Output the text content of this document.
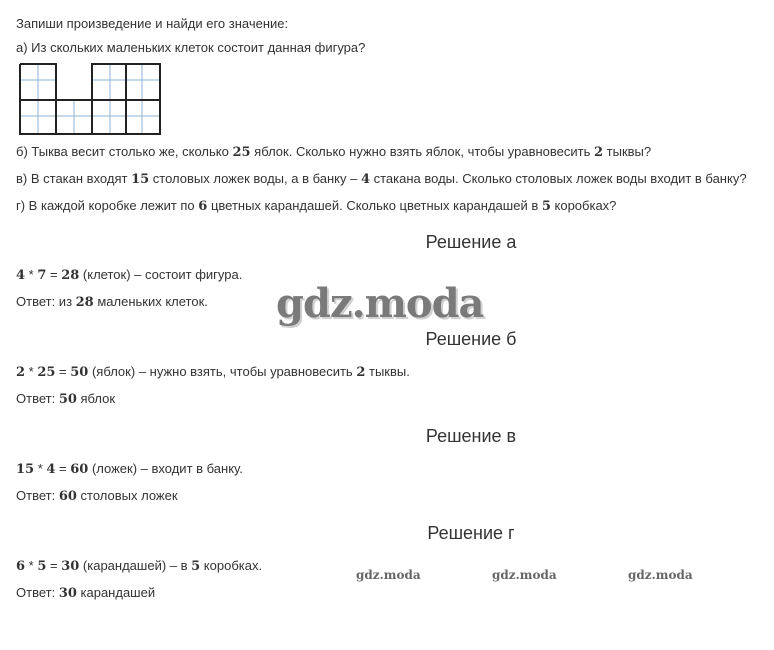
Запиши произведение и найди его значение:
а) Из скольких маленьких клеток состоит данная фигура?
б) Тыква весит столько же, сколько 25 яблок. Сколько нужно взять яблок, чтобы уравновесить 2 тыквы?
в) В стакан входят 15 столовых ложек воды, а в банку – 4 стакана воды. Сколько столовых ложек воды входит в банку?
г) В каждой коробке лежит по 6 цветных карандашей. Сколько цветных карандашей в 5 коробках?
Решение а
4 * 7 = 28 (клеток) – состоит фигура.
Ответ: из 28 маленьких клеток. gdz.moda
Решение б
2 * 25 = 50 (яблок) – нужно взять, чтобы уравновесить 2 тыквы.
Ответ: 50 яблок
Решение в
15 * 4 = 60 (ложек) – входит в банку.
Ответ: 60 столовых ложек
Решение г
6 * 5 = 30 (карандашей) – в 5 коробках.
Ответ: 30 карандашей
gdz.moda	gdz.moda	gdz.moda
